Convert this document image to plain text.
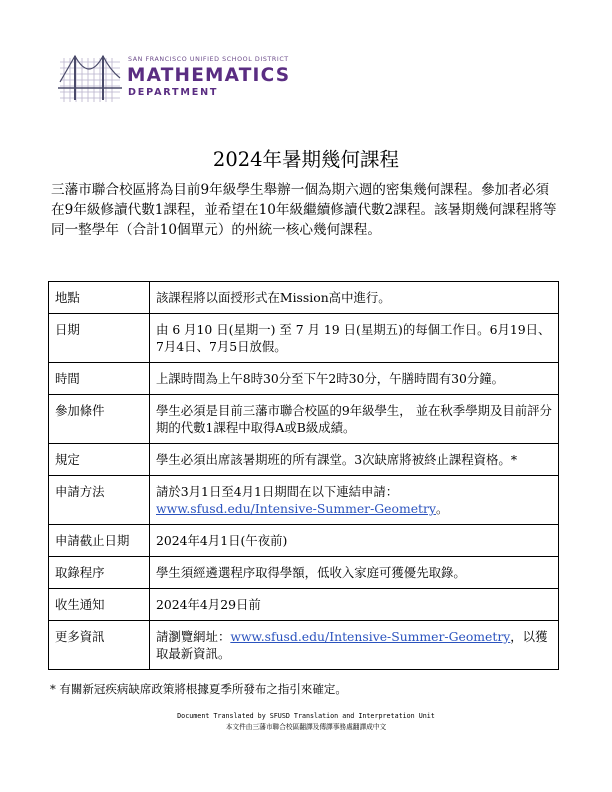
SAN FRANCISCO UNIFIED SCHOOL DISTRICT
MATHEMATICS
DEPARTMENT
2024年暑期幾何課程
三藩市聯合校區將為目前9年級學生舉辦一個為期六週的密集幾何課程。參加者必須在9年級修讀代數1課程，並希望在10年級繼續修讀代數2課程。該暑期幾何課程將等同一整學年（合計10個單元）的州統一核心幾何課程。
地點	該課程將以面授形式在Mission高中進行。
日期	由 6 月10 日(星期一) 至 7 月 19 日(星期五)的每個工作日。6月19日、7月4日、7月5日放假。
時間	上課時間為上午8時30分至下午2時30分，午膳時間有30分鐘。
參加條件	學生必須是目前三藩市聯合校區的9年級學生， 並在秋季學期及目前評分期的代數1課程中取得A或B級成績。
規定	學生必須出席該暑期班的所有課堂。3次缺席將被終止課程資格。*
申請方法	請於3月1日至4月1日期間在以下連結申請：
www.sfusd.edu/Intensive-Summer-Geometry。
申請截止日期	2024年4月1日(午夜前)
取錄程序	學生須經遴選程序取得學額，低收入家庭可獲優先取錄。
收生通知	2024年4月29日前
更多資訊	請瀏覽網址：www.sfusd.edu/Intensive-Summer-Geometry，以獲取最新資訊。
* 有關新冠疾病缺席政策將根據夏季所發布之指引來確定。
Document Translated by SFUSD Translation and Interpretation Unit
本文件由三藩市聯合校區翻譯及傳譯事務處翻譯成中文
